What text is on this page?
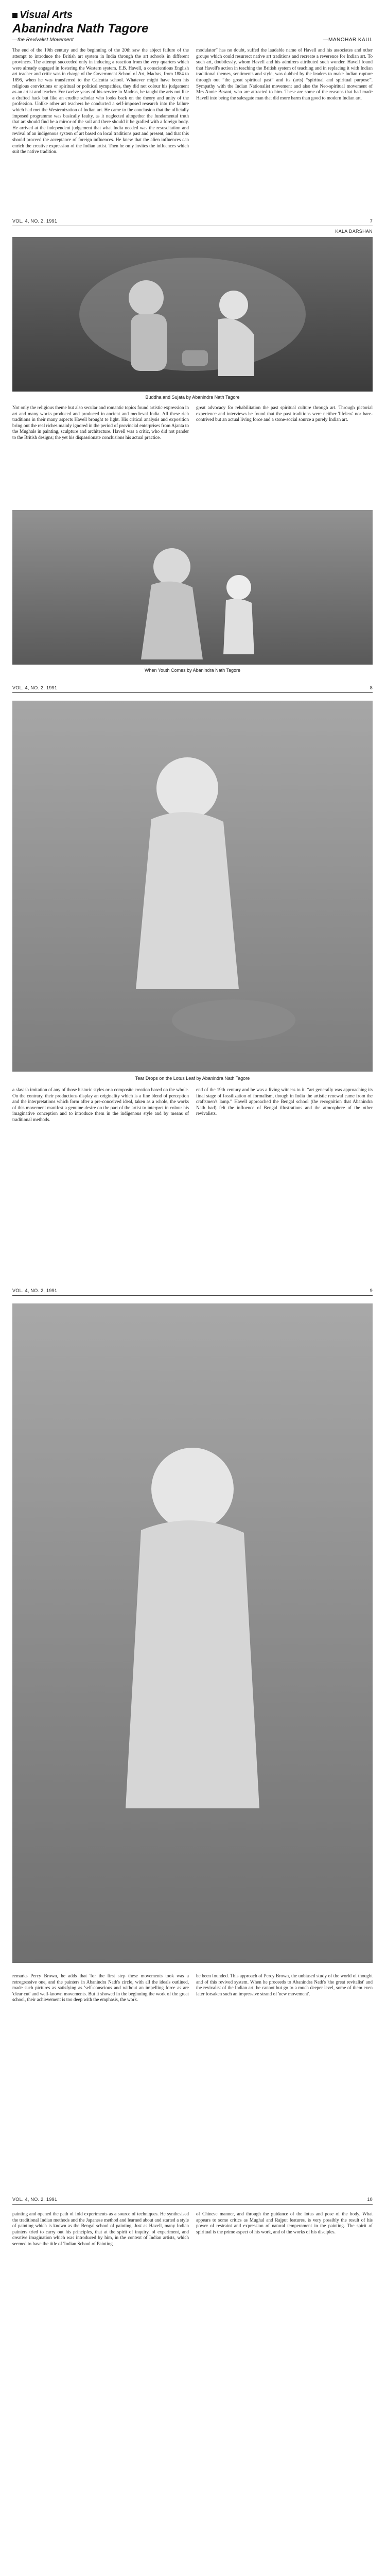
Visual Arts
Abanindra Nath Tagore
—the Revivalist Movement	—MANOHAR KAUL
The end of the 19th century and the beginning of the 20th saw the abject failure of the attempt to introduce the British art system in India through the art schools in different provinces. The attempt succeeded only in inducing a reaction from the very quarters which were already engaged in fostering the Western system. E.B. Havell, a conscientious English art teacher and critic was in charge of the Government School of Art, Madras, from 1884 to 1896, when he was transferred to the Calcutta school. Whatever might have been his religious convictions or spiritual or political sympathies, they did not colour his judgement as an artist and teacher. For twelve years of his service in Madras, he taught the arts not like a drafted hack but like an erudite scholar who looks back on the theory and unity of the profession. Unlike other art teachers he conducted a self-imposed research into the failure which had met the Westernization of Indian art. He came to the conclusion that the officially imposed programme was basically faulty, as it neglected altogether the fundamental truth that art should find be a mirror of the soil and there should it be grafted with a foreign body. He arrived at the independent judgement that what India needed was the resuscitation and revival of an indigenous system of art based on local traditions past and present, and that this should proceed the acceptance of foreign influences. He knew that the alien influences can enrich the creative expression of the Indian artist. Then he only invites the influences which suit the native tradition.
modulator” has no doubt, suffed the laudable name of Havell and his associates and other groups which could resurrect native art traditions and recreate a reverence for Indian art. To such art, doubtlessly, whom Havell and his admirers attributed such wonder. Havell found that Havell's action in teaching the British system of teaching and in replacing it with Indian traditional themes, sentiments and style, was dubbed by the leaders to make Indian rupture through out “the great spiritual past” and its (arts) “spiritual and spiritual purpose”. Sympathy with the Indian Nationalist movement and also the Neo-spiritual movement of Mrs Annie Besant, who are attracted to him. These are some of the reasons that had made Havell into being the salesgate man that did more harm than good to modern Indian art.
VOL. 4, NO. 2, 1991	7
KALA DARSHAN
Buddha and Sujata by Abanindra Nath Tagore
Not only the religious theme but also secular and romantic topics found artistic expression in art and many works produced and produced in ancient and medieval India. All these rich traditions in their many aspects Havell brought to light. His critical analysis and exposition bring out the real riches mainly ignored in the period of provincial enterprises from Ajanta to the Mughals in painting, sculpture and architecture. Havell was a critic, who did not pander to the British designs; the yet his dispassionate conclusions his actual practice.
great advocacy for rehabilitation the past spiritual culture through art. Through pictorial experience and interviews he found that the past traditions were neither 'lifeless' nor bare-contrived but an actual living force and a stone-social source a purely Indian art.
When Youth Comes by Abanindra Nath Tagore
VOL. 4, NO. 2, 1991	8
Tear Drops on the Lotus Leaf by Abanindra Nath Tagore
a slavish imitation of any of those historic styles or a composite creation based on the whole. On the contrary, their productions display an originality which is a fine blend of perception and the interpretations which form after a pre-conceived ideal, taken as a whole, the works of this movement manifest a genuine desire on the part of the artist to interpret in colour his imaginative conception and to introduce them in the indigenous style and by means of traditional methods.
end of the 19th century and he was a living witness to it. “art generally was approaching its final stage of fossilization of formalism, though in India the artistic renewal came from the craftsmen's lamp.” Havell approached the Bengal school (the recognition that Abanindra Nath had) felt the influence of Bengal illustrations and the atmosphere of the other revivalists.
VOL. 4, NO. 2, 1991	9
remarks Percy Brown, he adds that 'for the first step these movements took was a retrogressive one, and the painters in Abanindra Nath's circle, with all the ideals outlined, made such pictures as satisfying as 'self-conscious and without an impelling force as are 'clear cut' and well-known movements. But it showed in the beginning the work of the great school, their achievement is too deep with the emphasis, the work.
be been founded. This approach of Percy Brown, the unbiased study of the world of thought and of this revived system. When he proceeds to Abanindra Nath's 'the great revitalist' and the revivalist of the Indian art, he cannot but go to a much deeper level, some of them even later forsaken such an impressive strand of 'new movement'.
VOL. 4, NO. 2, 1991	10
painting and opened the path of fold experiments as a source of techniques. He synthesised the traditional Indian methods and the Japanese method and learned about and started a style of painting which is known as the Bengal school of painting. Just as Havell, many Indian painters tried to carry out his principles, that at the spirit of inquiry, of experiment, and creative imagination which was introduced by him, in the context of Indian artists, which seemed to have the title of 'Indian School of Painting'.
of Chinese manner, and through the guidance of the lotus and pose of the body. What appears to some critics as Mughal and Rajput features, is very possibly the result of his power of restraint and expression of natural temperament in the painting. The spirit of spiritual is the prime aspect of his work, and of the works of his disciples.
